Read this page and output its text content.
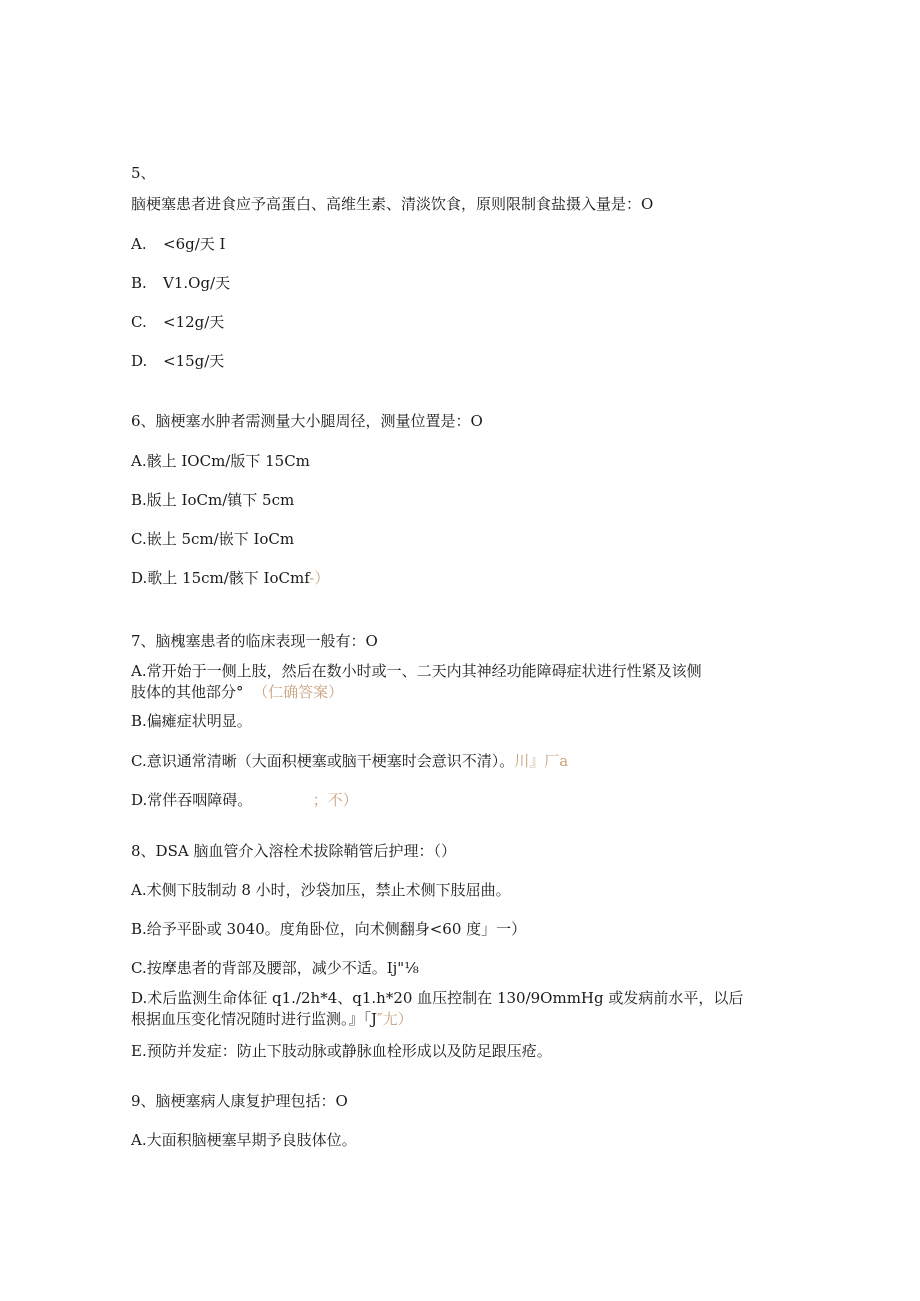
5、
脑梗塞患者进食应予高蛋白、高维生素、清淡饮食，原则限制食盐摄入量是：O
A. <6g∕天 I
B. V1.Og/天
C. <12g∕天
D. <15g∕天
6、脑梗塞水肿者需测量大小腿周径，测量位置是：O
A.骸上 IOCm/版下 15Cm
B.版上 IoCm/镇下 5cm
C.嵌上 5cm∕嵌下 IoCm
D.歌上 15cm∕骸下 IoCmf-）
7、脑槐塞患者的临床表现一般有：O
A.常开始于一侧上肢，然后在数小时或一、二天内其神经功能障碍症状进行性紧及该侧
肢体的其他部分° （仁确答案）
B.偏瘫症状明显。
C.意识通常清晰（大面积梗塞或脑干梗塞时会意识不清）。川』厂a
D.常伴吞咽障碍。	；不）
8、DSA 脑血管介入溶栓术拔除鞘管后护理：（）
A.术侧下肢制动 8 小时，沙袋加压，禁止术侧下肢屈曲。
B.给予平卧或 3040。度角卧位，向术侧翻身<60 度」一）
C.按摩患者的背部及腰部，减少不适。Ij"⅛
D.术后监测生命体征 q1./2h*4、q1.h*20 血压控制在 130/9OmmHg 或发病前水平，以后
根据血压变化情况随时进行监测。』「J″尢）
E.预防并发症：防止下肢动脉或静脉血栓形成以及防足跟压疮。
9、脑梗塞病人康复护理包括：O
A.大面积脑梗塞早期予良肢体位。
